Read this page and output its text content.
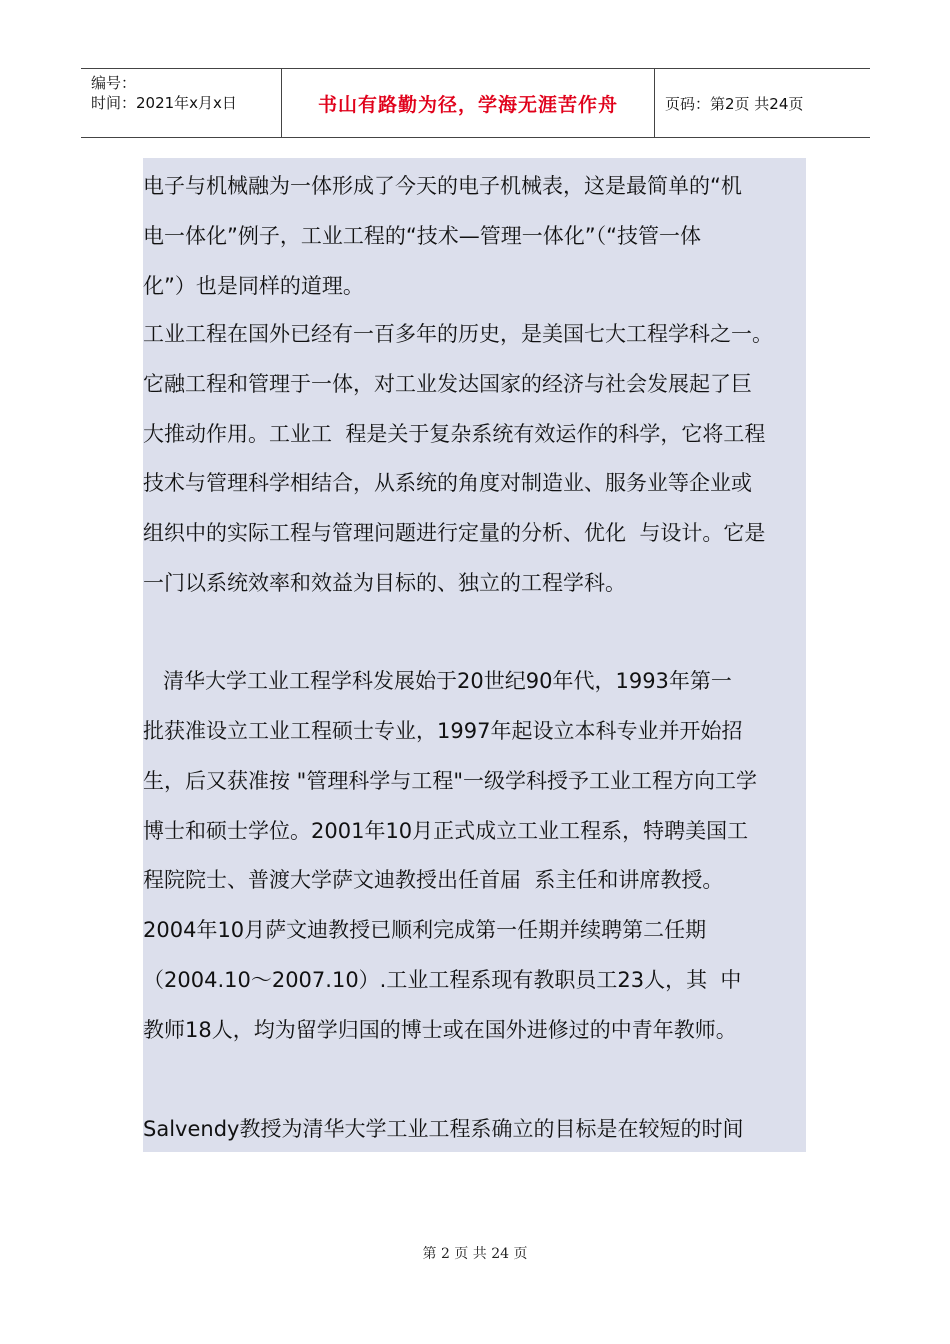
编号：
时间：2021年x月x日	书山有路勤为径，学海无涯苦作舟	页码：第2页 共24页
电子与机械融为一体形成了今天的电子机械表，这是最简单的“机
电一体化”例子，工业工程的“技术—管理一体化”（“技管一体
化”）也是同样的道理。
工业工程在国外已经有一百多年的历史，是美国七大工程学科之一。
它融工程和管理于一体，对工业发达国家的经济与社会发展起了巨
大推动作用。工业工  程是关于复杂系统有效运作的科学，它将工程
技术与管理科学相结合，从系统的角度对制造业、服务业等企业或
组织中的实际工程与管理问题进行定量的分析、优化  与设计。它是
一门以系统效率和效益为目标的、独立的工程学科。
清华大学工业工程学科发展始于20世纪90年代，1993年第一
批获准设立工业工程硕士专业，1997年起设立本科专业并开始招
生，后又获准按 "管理科学与工程"一级学科授予工业工程方向工学
博士和硕士学位。2001年10月正式成立工业工程系，特聘美国工
程院院士、普渡大学萨文迪教授出任首届  系主任和讲席教授。
2004年10月萨文迪教授已顺利完成第一任期并续聘第二任期
（2004.10～2007.10）.工业工程系现有教职员工23人，其  中
教师18人，均为留学归国的博士或在国外进修过的中青年教师。
Salvendy教授为清华大学工业工程系确立的目标是在较短的时间
第 2 页 共 24 页
